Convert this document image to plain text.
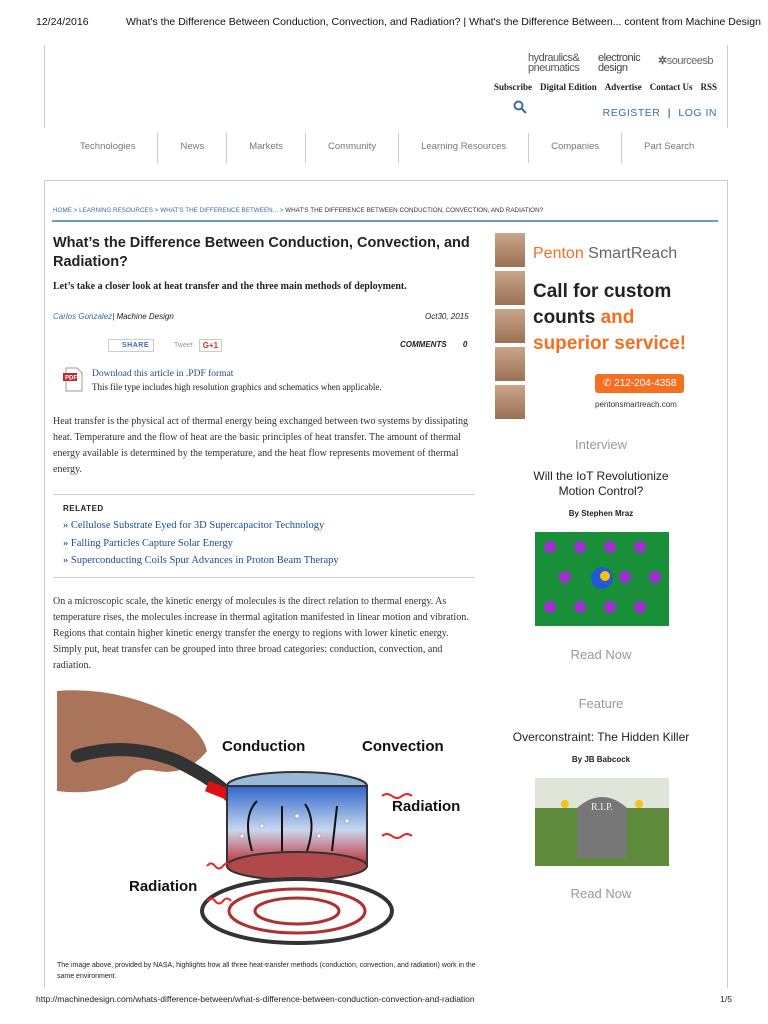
12/24/2016	What's the Difference Between Conduction, Convection, and Radiation? | What's the Difference Between... content from Machine Design
hydraulics& pneumatics
electronic design
✲sourceesb
Subscribe Digital Edition Advertise Contact Us RSS
REGISTER | LOG IN
Technologies	News	Markets	Community	Learning Resources	Companies	Part Search
HOME > LEARNING RESOURCES > WHAT'S THE DIFFERENCE BETWEEN... > WHAT'S THE DIFFERENCE BETWEEN CONDUCTION, CONVECTION, AND RADIATION?
What’s the Difference Between Conduction, Convection, and Radiation?
Let’s take a closer look at heat transfer and the three main methods of deployment.
Carlos Gonzalez| Machine Design	Oct30, 2015
SHARE	Tweet	G+1	COMMENTS 0
PDF Download this article in .PDF format
This file type includes high resolution graphics and schematics when applicable.
Heat transfer is the physical act of thermal energy being exchanged between two systems by dissipating heat. Temperature and the flow of heat are the basic principles of heat transfer. The amount of thermal energy available is determined by the temperature, and the heat flow represents movement of thermal energy.
RELATED
» Cellulose Substrate Eyed for 3D Supercapacitor Technology
» Falling Particles Capture Solar Energy
» Superconducting Coils Spur Advances in Proton Beam Therapy
On a microscopic scale, the kinetic energy of molecules is the direct relation to thermal energy. As temperature rises, the molecules increase in thermal agitation manifested in linear motion and vibration. Regions that contain higher kinetic energy transfer the energy to regions with lower kinetic energy. Simply put, heat transfer can be grouped into three broad categories: conduction, convection, and radiation.
Conduction	Convection
Radiation
Radiation
The image above, provided by NASA, highlights how all three heat-transfer methods (conduction, convection, and radiation) work in the same environment.
Penton SmartReach
Call for custom
counts and
superior service!
✆ 212-204-4358
pentonsmartreach.com
Interview
Will the IoT Revolutionize Motion Control?
By Stephen Mraz
Read Now
Feature
Overconstraint: The Hidden Killer
By JB Babcock
R.I.P.
Read Now
http://machinedesign.com/whats-difference-between/what-s-difference-between-conduction-convection-and-radiation	1/5
